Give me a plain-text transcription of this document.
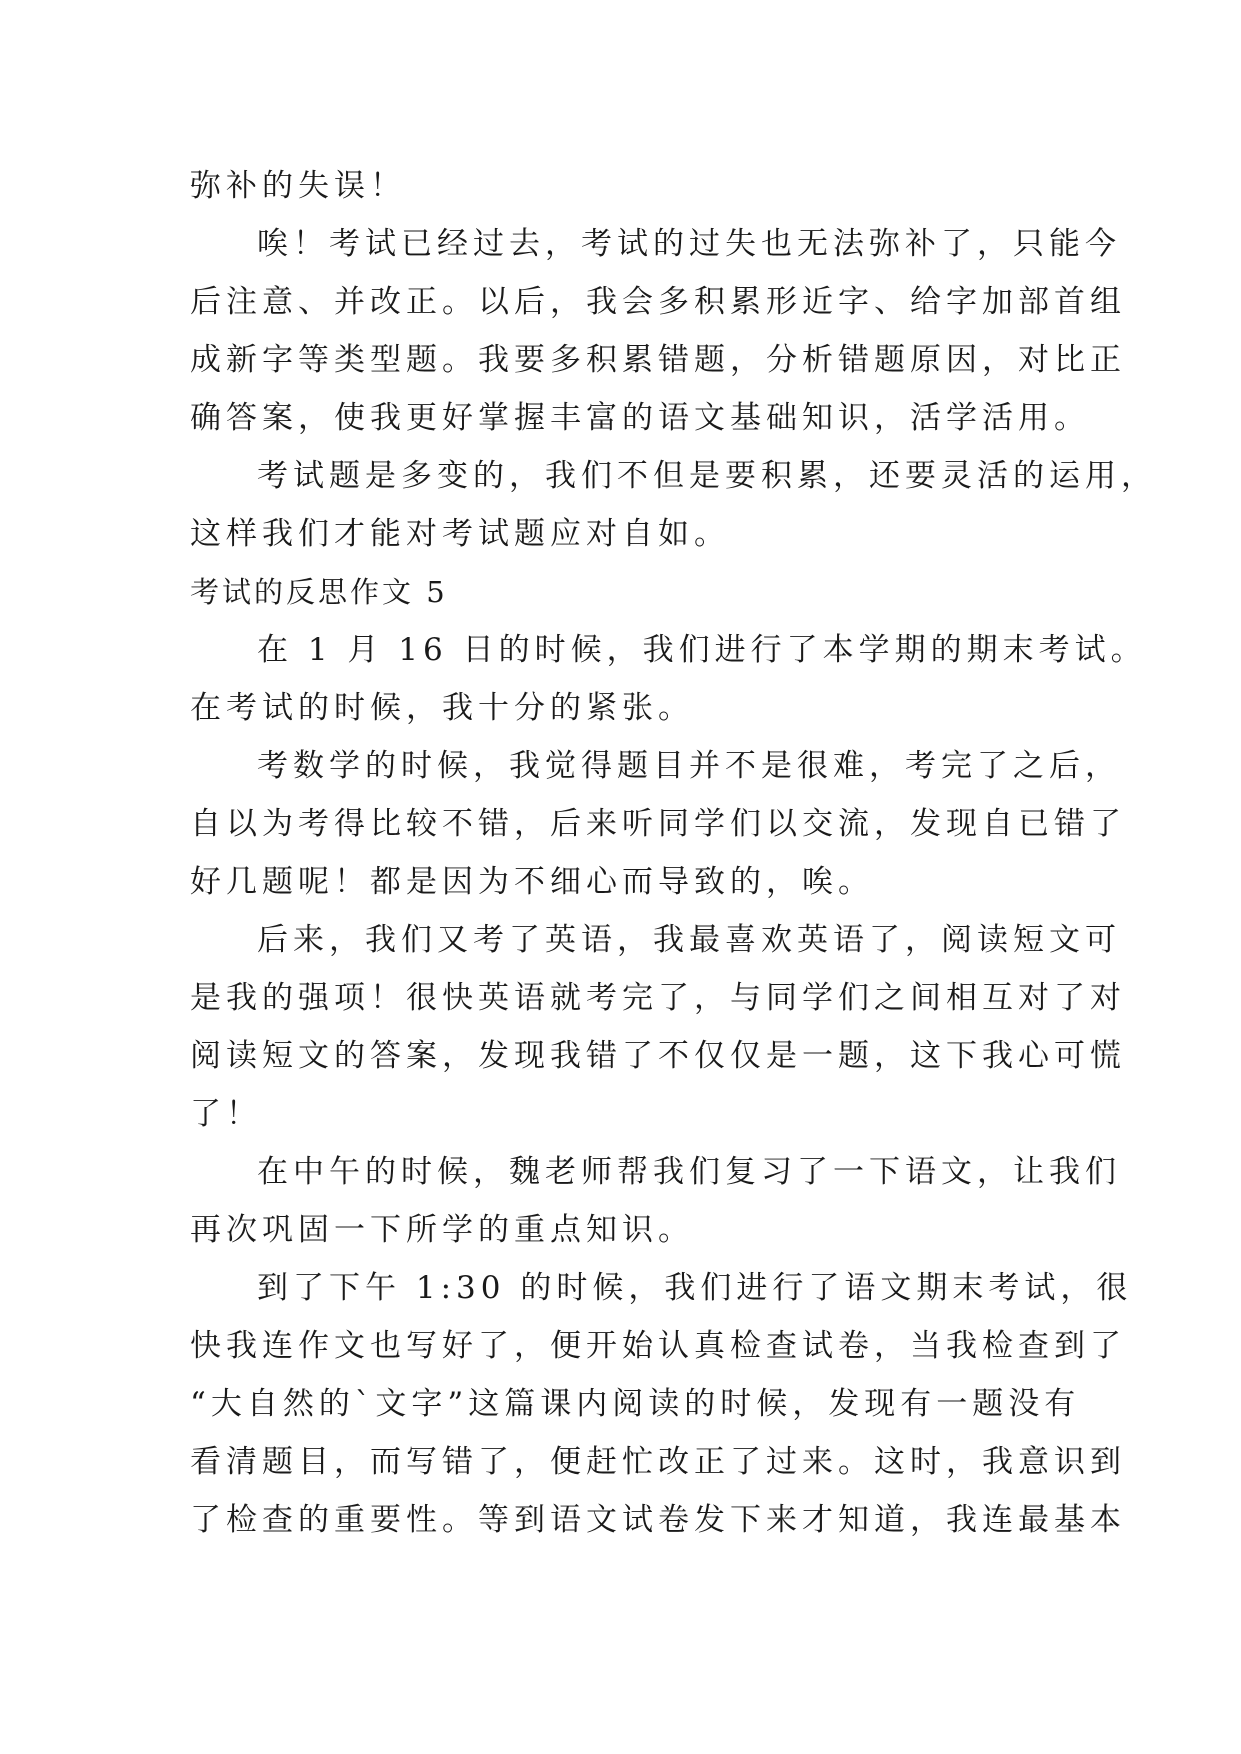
弥补的失误！
唉！考试已经过去，考试的过失也无法弥补了，只能今
后注意、并改正。以后，我会多积累形近字、给字加部首组
成新字等类型题。我要多积累错题，分析错题原因，对比正
确答案，使我更好掌握丰富的语文基础知识，活学活用。
考试题是多变的，我们不但是要积累，还要灵活的运用，
这样我们才能对考试题应对自如。
考试的反思作文 5
在 1 月 16 日的时候，我们进行了本学期的期末考试。
在考试的时候，我十分的紧张。
考数学的时候，我觉得题目并不是很难，考完了之后，
自以为考得比较不错，后来听同学们以交流，发现自已错了
好几题呢！都是因为不细心而导致的，唉。
后来，我们又考了英语，我最喜欢英语了，阅读短文可
是我的强项！很快英语就考完了，与同学们之间相互对了对
阅读短文的答案，发现我错了不仅仅是一题，这下我心可慌
了！
在中午的时候，魏老师帮我们复习了一下语文，让我们
再次巩固一下所学的重点知识。
到了下午 1:30 的时候，我们进行了语文期末考试，很
快我连作文也写好了，便开始认真检查试卷，当我检查到了
“大自然的`文字”这篇课内阅读的时候，发现有一题没有
看清题目，而写错了，便赶忙改正了过来。这时，我意识到
了检查的重要性。等到语文试卷发下来才知道，我连最基本
